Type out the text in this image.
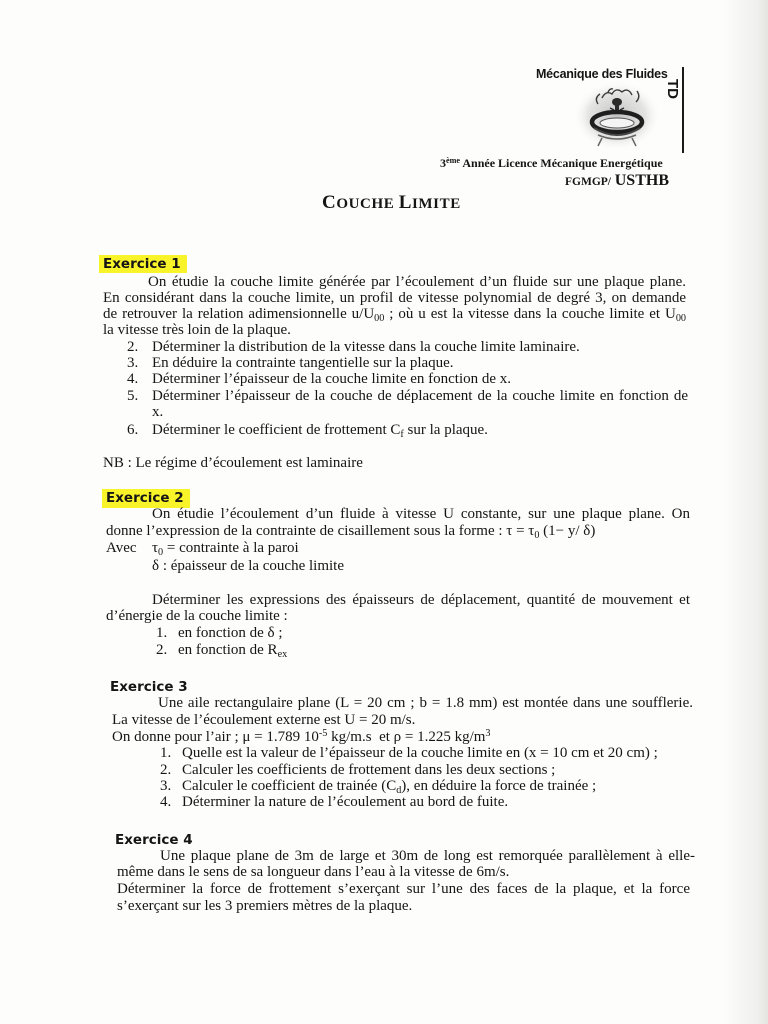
Mécanique des Fluides
TD
3ème Année Licence Mécanique Energétique
FGMGP/ USTHB
COUCHE LIMITE
Exercice 1
On étudie la couche limite générée par l’écoulement d’un fluide sur une plaque plane.
En considérant dans la couche limite, un profil de vitesse polynomial de degré 3, on demande
de retrouver la relation adimensionnelle $u/U_{00}$ ; où u est la vitesse dans la couche limite et $U_{00}$
la vitesse très loin de la plaque.
2. Déterminer la distribution de la vitesse dans la couche limite laminaire.
3. En déduire la contrainte tangentielle sur la plaque.
4. Déterminer l’épaisseur de la couche limite en fonction de x.
5. Déterminer l’épaisseur de la couche de déplacement de la couche limite en fonction de
x.
6. Déterminer le coefficient de frottement $C_f$ sur la plaque.
NB : Le régime d’écoulement est laminaire
Exercice 2
On étudie l’écoulement d’un fluide à vitesse U constante, sur une plaque plane. On
donne l’expression de la contrainte de cisaillement sous la forme : $\tau = \tau_0$ (1− y/ δ)
Avec $\tau_0$ = contrainte à la paroi
δ : épaisseur de la couche limite
Déterminer les expressions des épaisseurs de déplacement, quantité de mouvement et
d’énergie de la couche limite :
1. en fonction de δ ;
2. en fonction de $R_{ex}$
Exercice 3
Une aile rectangulaire plane (L = 20 cm ; b = 1.8 mm) est montée dans une soufflerie.
La vitesse de l’écoulement externe est U = 20 m/s.
On donne pour l’air ; μ = 1.789 $10^{-5}$ kg/m.s  et ρ = 1.225 $kg/m^3$
1. Quelle est la valeur de l’épaisseur de la couche limite en (x = 10 cm et 20 cm) ;
2. Calculer les coefficients de frottement dans les deux sections ;
3. Calculer le coefficient de trainée $(C_d)$, en déduire la force de trainée ;
4. Déterminer la nature de l’écoulement au bord de fuite.
Exercice 4
Une plaque plane de 3m de large et 30m de long est remorquée parallèlement à elle-
même dans le sens de sa longueur dans l’eau à la vitesse de 6m/s.
Déterminer la force de frottement s’exerçant sur l’une des faces de la plaque, et la force
s’exerçant sur les 3 premiers mètres de la plaque.
